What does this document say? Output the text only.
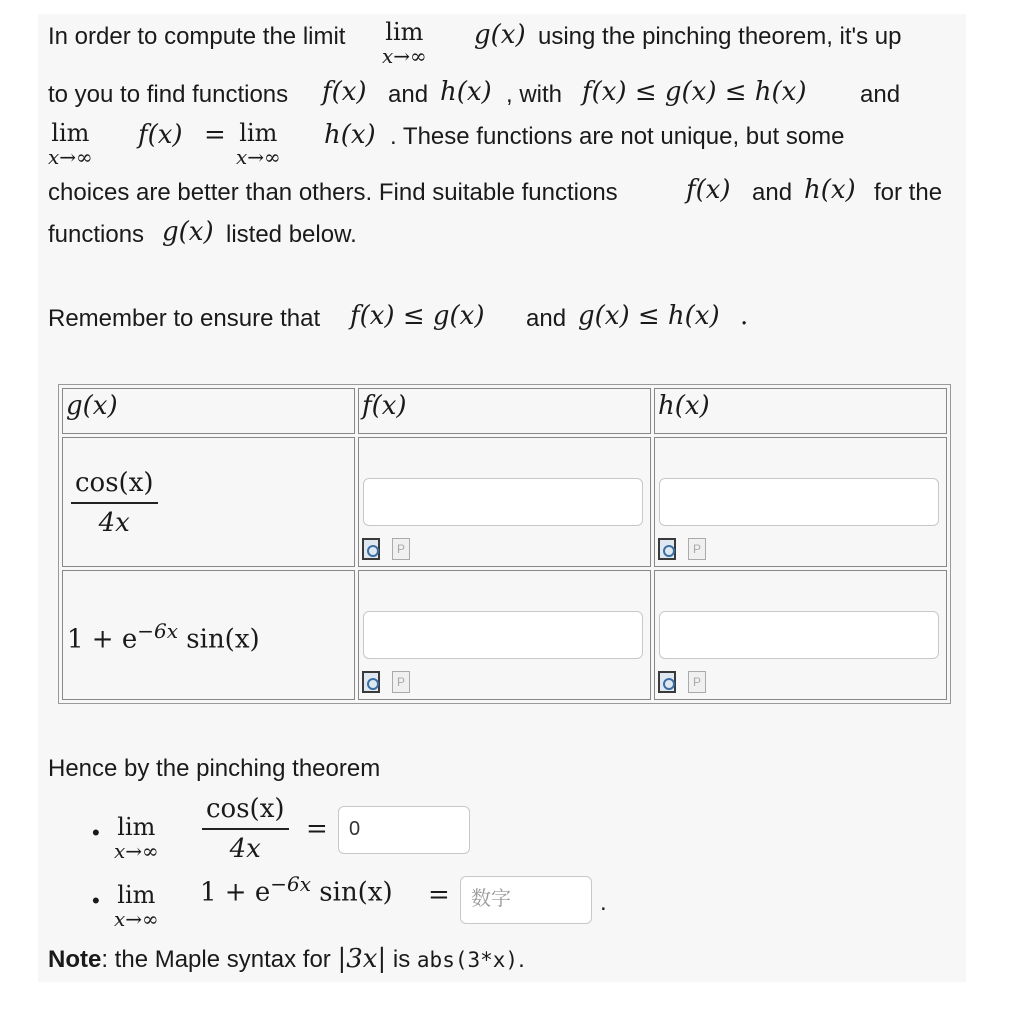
In order to compute the limit lim
x→∞
g(x) using the pinching theorem, it's up
to you to find functions f(x) and h(x) , with f(x) ≤ g(x) ≤ h(x) and
lim
x→∞
f(x) = lim
x→∞
h(x) . These functions are not unique, but some
choices are better than others. Find suitable functions	f(x) and h(x) for the
functions g(x) listed below.
Remember to ensure that f(x) ≤ g(x) and g(x) ≤ h(x) .
g(x)	f(x)	h(x)

$\frac{\cos(x)}{4x}$	P	P

$1 + e^{-6x}$ sin(x)	P	P
Hence by the pinching theorem
• lim
$x\to\infty \frac{\cos(x)}{4x}$ =	0
• lim
x→∞
$1 + e^{-6x}$ sin(x) =	数字	.
Note: the Maple syntax for |3x| is abs(3*x).
